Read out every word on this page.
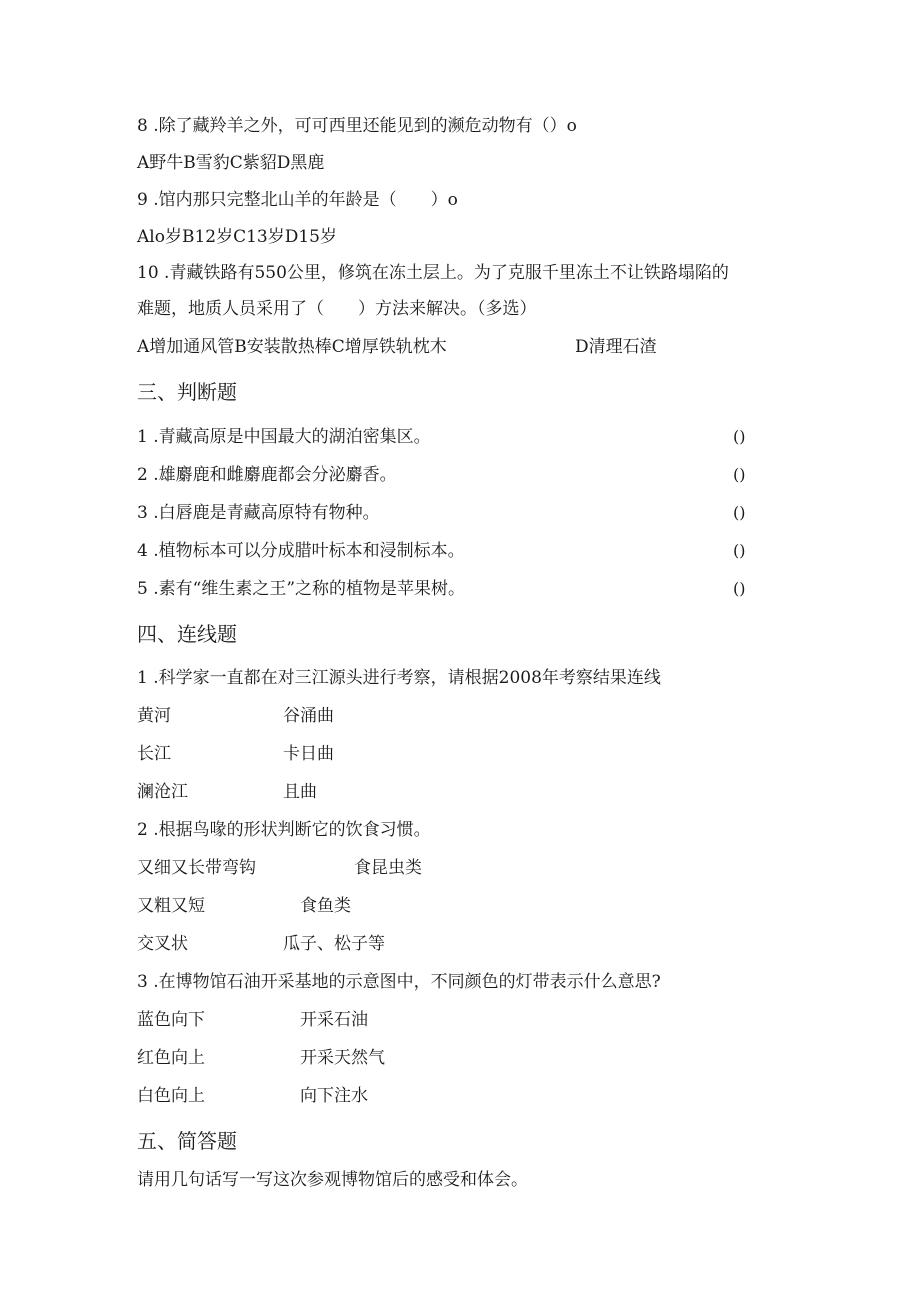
8 .除了藏羚羊之外，可可西里还能见到的濒危动物有（）o
A野牛B雪豹C紫貂D黑鹿
9 .馆内那只完整北山羊的年龄是（　　）o
Alo岁B12岁C13岁D15岁
10 .青藏铁路有550公里，修筑在冻土层上。为了克服千里冻土不让铁路塌陷的
难题，地质人员采用了（　　）方法来解决。（多选）
A增加通风管B安装散热棒C增厚铁轨枕木	D清理石渣
三、判断题
1 .青藏高原是中国最大的湖泊密集区。	()
2 .雄麝鹿和雌麝鹿都会分泌麝香。	()
3 .白唇鹿是青藏高原特有物种。	()
4 .植物标本可以分成腊叶标本和浸制标本。	()
5 .素有“维生素之王”之称的植物是苹果树。	()
四、连线题
1 .科学家一直都在对三江源头进行考察，请根据2008年考察结果连线
黄河	谷涌曲
长江	卡日曲
澜沧江	且曲
2 .根据鸟喙的形状判断它的饮食习惯。
又细又长带弯钩	食昆虫类
又粗又短	食鱼类
交叉状	瓜子、松子等
3 .在博物馆石油开采基地的示意图中，不同颜色的灯带表示什么意思?
蓝色向下	开采石油
红色向上	开采天然气
白色向上	向下注水
五、简答题
请用几句话写一写这次参观博物馆后的感受和体会。
